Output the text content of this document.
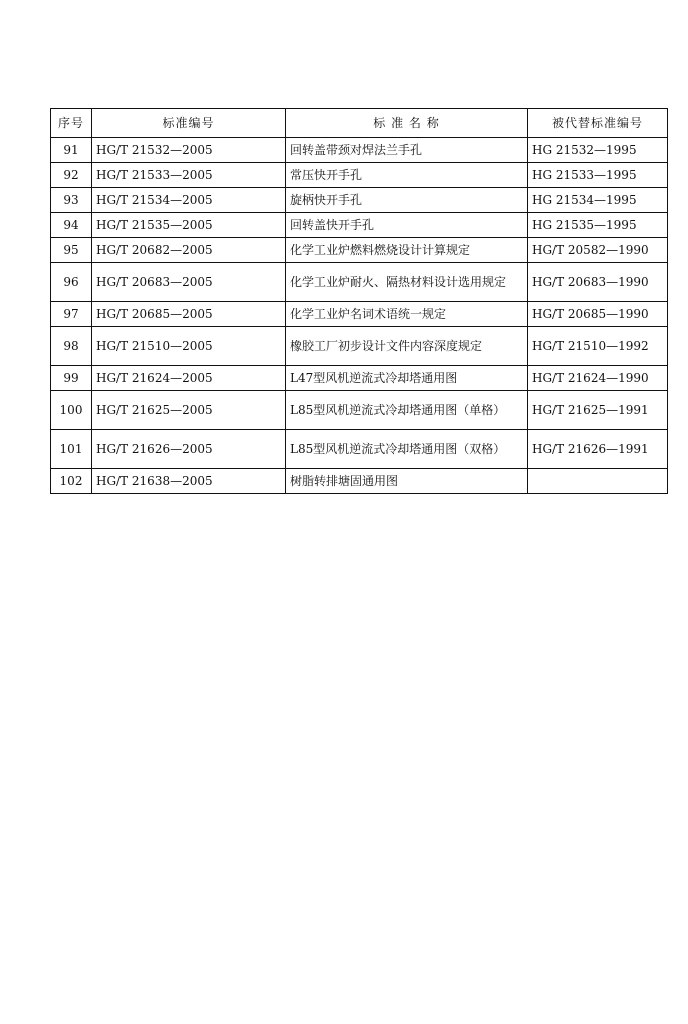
序号	标准编号	标 准 名 称	被代替标准编号
91	HG/T 21532—2005	回转盖带颈对焊法兰手孔	HG 21532—1995
92	HG/T 21533—2005	常压快开手孔	HG 21533—1995
93	HG/T 21534—2005	旋柄快开手孔	HG 21534—1995
94	HG/T 21535—2005	回转盖快开手孔	HG 21535—1995
95	HG/T 20682—2005	化学工业炉燃料燃烧设计计算规定	HG/T 20582—1990
96	HG/T 20683—2005	化学工业炉耐火、隔热材料设计选用规定	HG/T 20683—1990
97	HG/T 20685—2005	化学工业炉名词术语统一规定	HG/T 20685—1990
98	HG/T 21510—2005	橡胶工厂初步设计文件内容深度规定	HG/T 21510—1992
99	HG/T 21624—2005	L47型风机逆流式冷却塔通用图	HG/T 21624—1990
100	HG/T 21625—2005	L85型风机逆流式冷却塔通用图（单格）	HG/T 21625—1991
101	HG/T 21626—2005	L85型风机逆流式冷却塔通用图（双格）	HG/T 21626—1991
102	HG/T 21638—2005	树脂转排塘固通用图	
